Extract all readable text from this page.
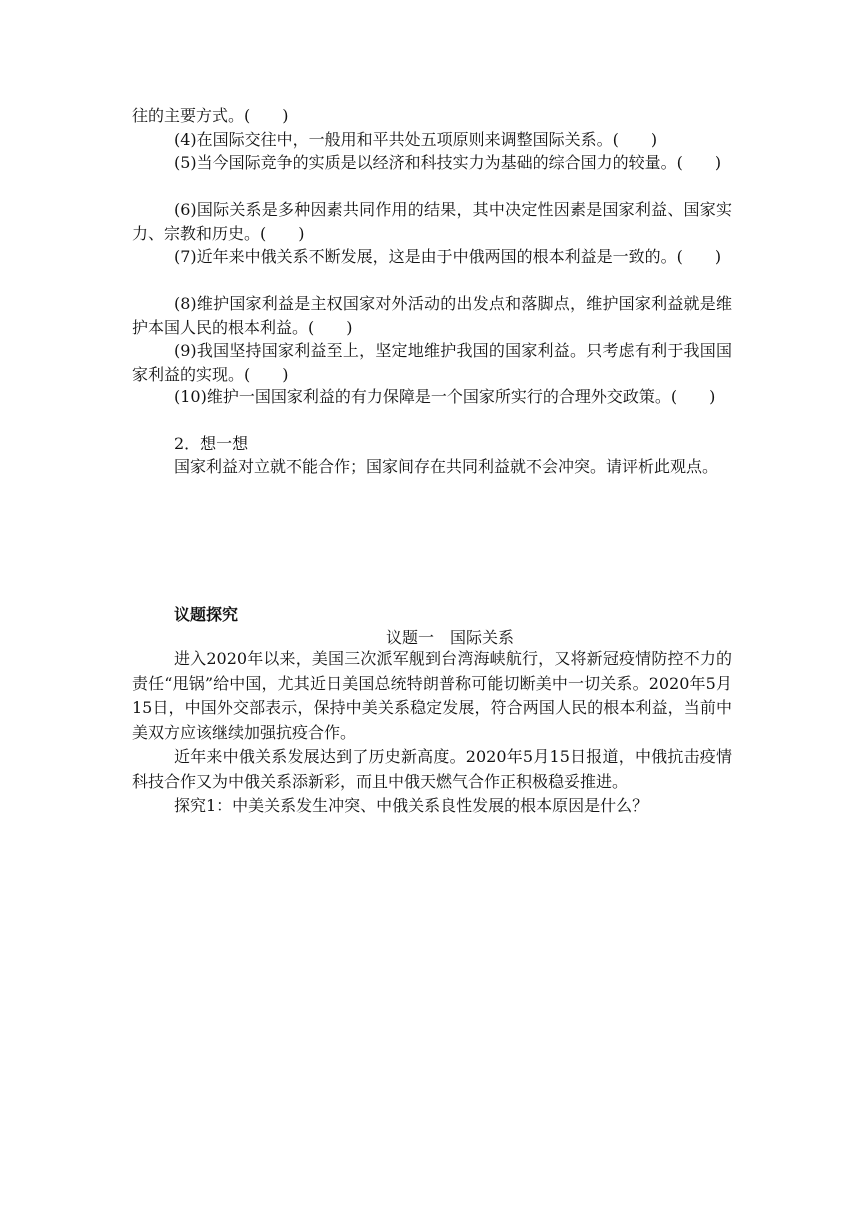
往的主要方式。(　　)

(4)在国际交往中，一般用和平共处五项原则来调整国际关系。(　　)

(5)当今国际竞争的实质是以经济和科技实力为基础的综合国力的较量。(　　)

(6)国际关系是多种因素共同作用的结果，其中决定性因素是国家利益、国家实力、宗教和历史。(　　)

(7)近年来中俄关系不断发展，这是由于中俄两国的根本利益是一致的。(　　)

(8)维护国家利益是主权国家对外活动的出发点和落脚点，维护国家利益就是维护本国人民的根本利益。(　　)

(9)我国坚持国家利益至上，坚定地维护我国的国家利益。只考虑有利于我国国家利益的实现。(　　)

(10)维护一国国家利益的有力保障是一个国家所实行的合理外交政策。(　　)

2．想一想

国家利益对立就不能合作；国家间存在共同利益就不会冲突。请评析此观点。

议题探究

议题一　国际关系

进入2020年以来，美国三次派军舰到台湾海峡航行，又将新冠疫情防控不力的责任“甩锅”给中国，尤其近日美国总统特朗普称可能切断美中一切关系。2020年5月15日，中国外交部表示，保持中美关系稳定发展，符合两国人民的根本利益，当前中美双方应该继续加强抗疫合作。

近年来中俄关系发展达到了历史新高度。2020年5月15日报道，中俄抗击疫情科技合作又为中俄关系添新彩，而且中俄天燃气合作正积极稳妥推进。

探究1：中美关系发生冲突、中俄关系良性发展的根本原因是什么？
